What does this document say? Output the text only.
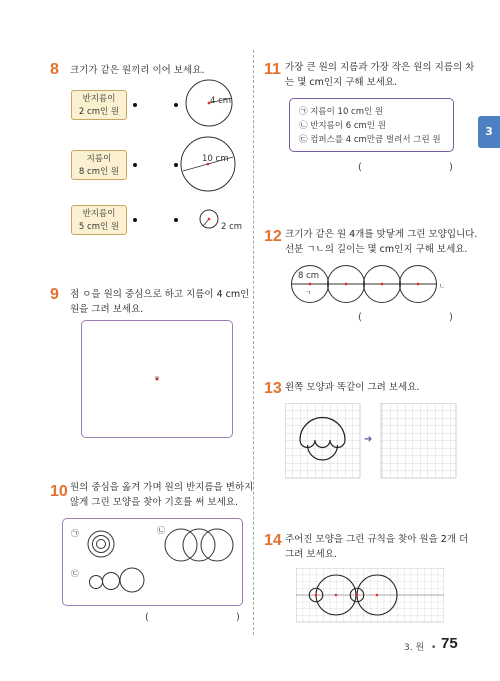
3
8 크기가 같은 원끼리 이어 보세요.
반지름이
2 cm인 원
지름이
8 cm인 원
반지름이
5 cm인 원
4 cm
10 cm
2 cm
9 점 ㅇ을 원의 중심으로 하고 지름이 4 cm인
원을 그려 보세요.
ㅇ
10 원의 중심을 옮겨 가며 원의 반지름을 변하지
않게 그린 모양을 찾아 기호를 써 보세요.
㉠	㉡
㉢
(	)
11 가장 큰 원의 지름과 가장 작은 원의 지름의 차
는 몇 cm인지 구해 보세요.
㉠ 지름이 10 cm인 원
㉡ 반지름이 6 cm인 원
㉢ 컴퍼스를 4 cm만큼 벌려서 그린 원
(	)
12 크기가 같은 원 4개를 맞닿게 그린 모양입니다.
선분 ㄱㄴ의 길이는 몇 cm인지 구해 보세요.
8 cm
ㄱ
ㄴ
(	)
13 왼쪽 모양과 똑같이 그려 보세요.
➜
14 주어진 모양을 그린 규칙을 찾아 원을 2개 더
그려 보세요.
3. 원 • 75
